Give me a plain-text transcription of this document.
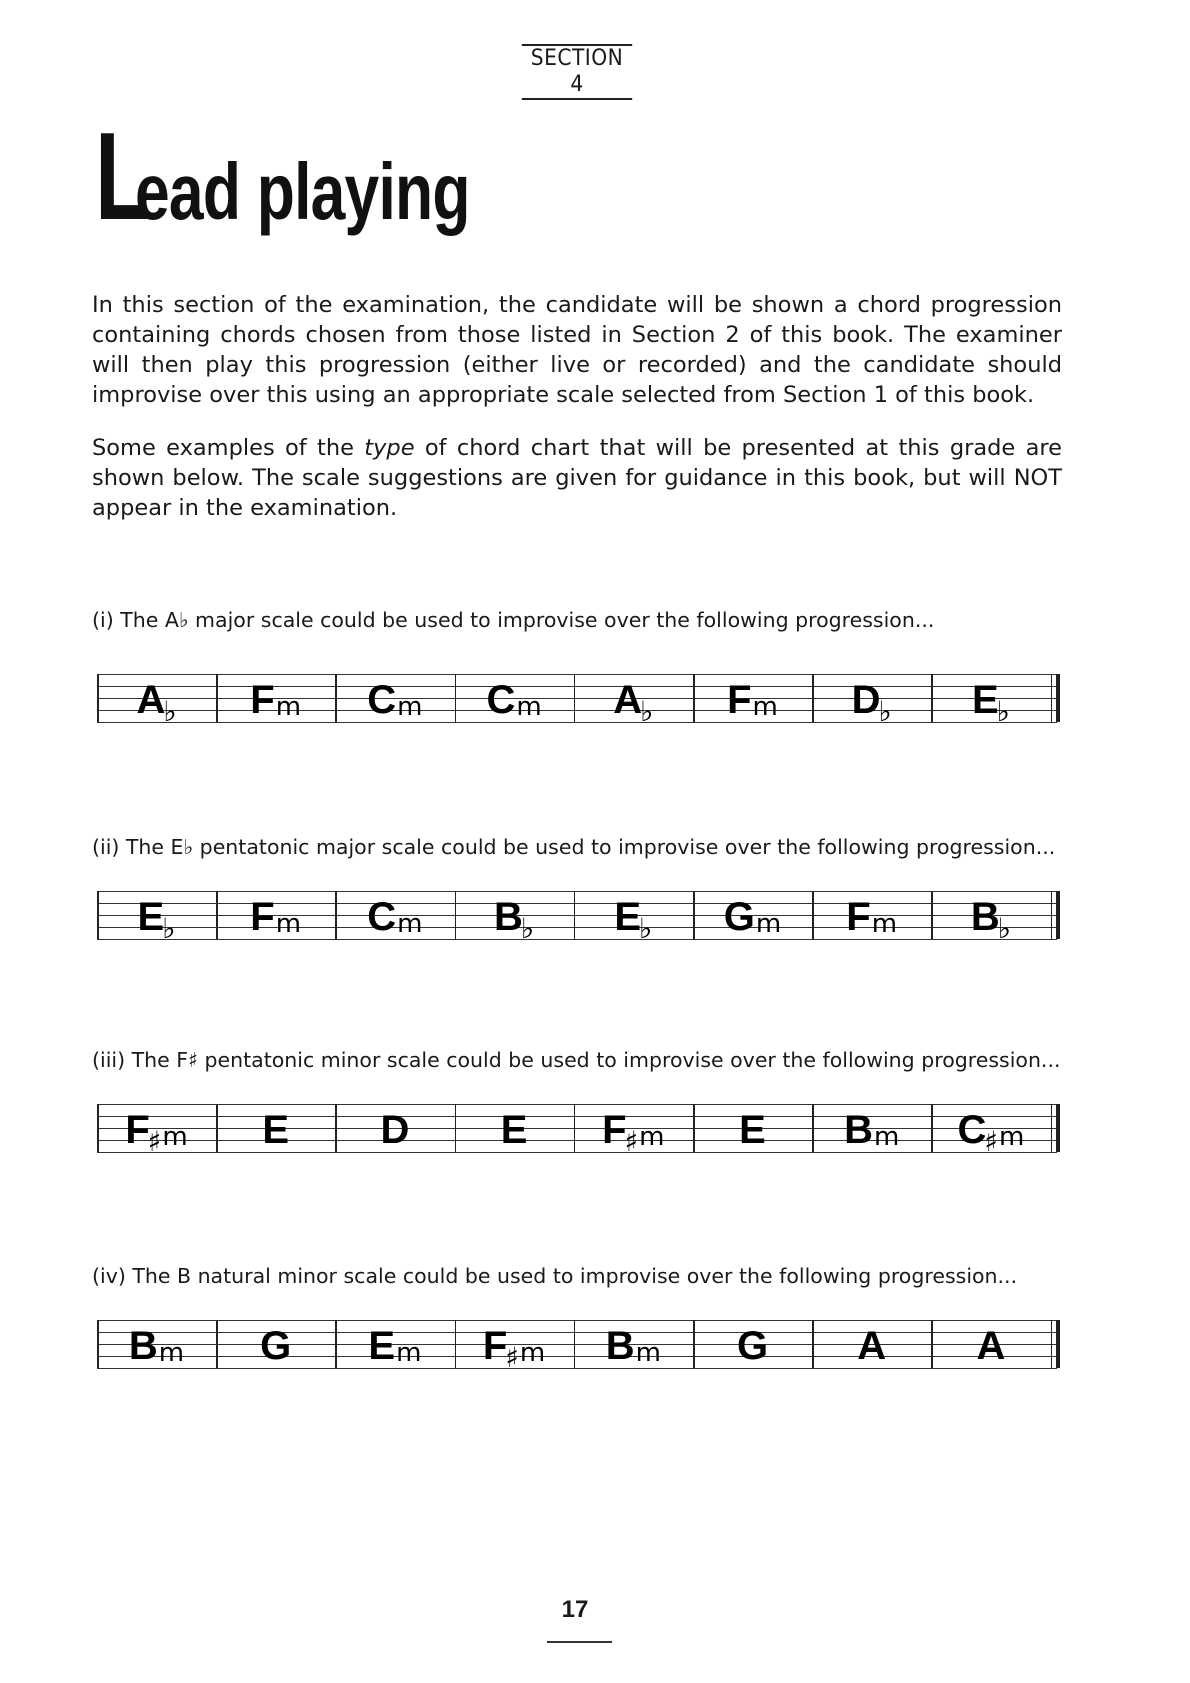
SECTION 4
Lead playing

In this section of the examination, the candidate will be shown a chord progression containing chords chosen from those listed in Section 2 of this book. The examiner will then play this progression (either live or recorded) and the candidate should improvise over this using an appropriate scale selected from Section 1 of this book.

Some examples of the type of chord chart that will be presented at this grade are shown below. The scale suggestions are given for guidance in this book, but will NOT appear in the examination.

(i) The A♭ major scale could be used to improvise over the following progression...

$A_♭$	Fm	Cm	Cm	$A_♭$	Fm	$D_♭$	$E_♭$

(ii) The E♭ pentatonic major scale could be used to improvise over the following progression...

$E_♭$	Fm	Cm	$B_♭$	$E_♭$	Gm	Fm	$B_♭$

(iii) The F♯ pentatonic minor scale could be used to improvise over the following progression...

$F_♯m$	E	D	E	$F_♯m$	E	Bm	$C_♯m$

(iv) The B natural minor scale could be used to improvise over the following progression...

Bm	G	Em	$F_♯m$	Bm	G	A	A
17
